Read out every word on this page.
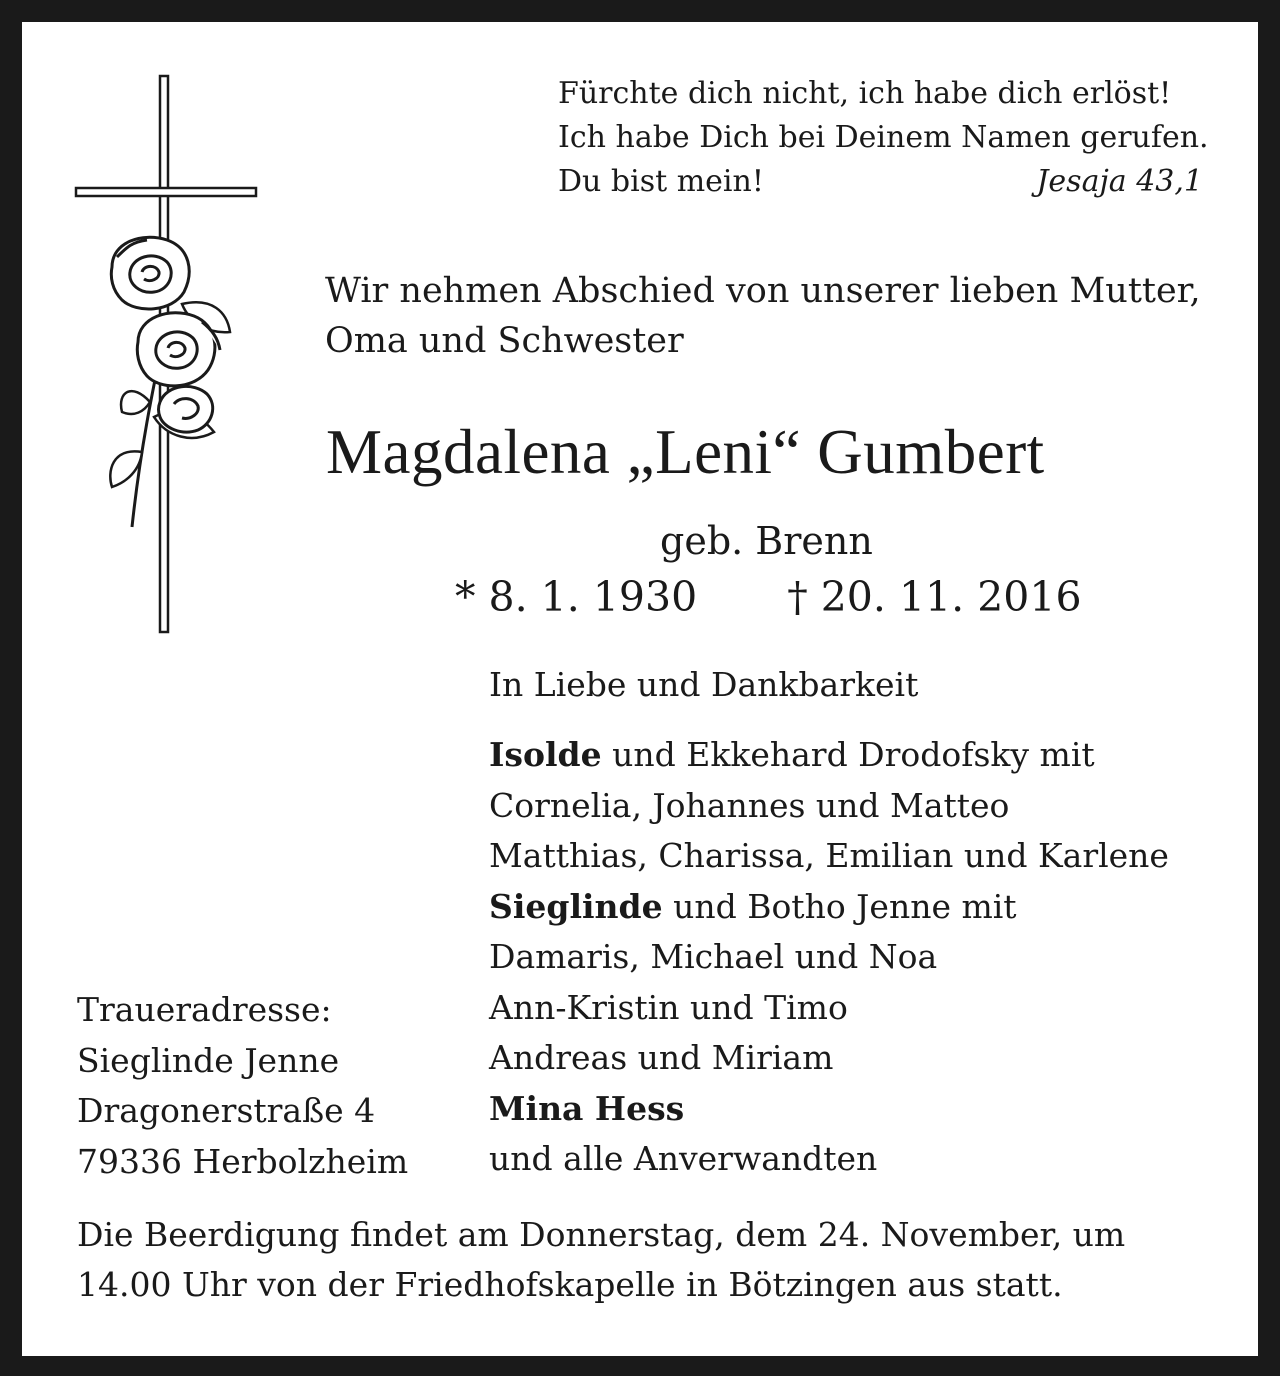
Fürchte dich nicht, ich habe dich erlöst!
Ich habe Dich bei Deinem Namen gerufen.
Du bist mein!	Jesaja 43,1
Wir nehmen Abschied von unserer lieben Mutter,
Oma und Schwester
Magdalena „Leni“ Gumbert
geb. Brenn
* 8. 1. 1930 † 20. 11. 2016
In Liebe und Dankbarkeit
Isolde und Ekkehard Drodofsky mit
Cornelia, Johannes und Matteo
Matthias, Charissa, Emilian und Karlene
Sieglinde und Botho Jenne mit
Damaris, Michael und Noa
Ann-Kristin und Timo
Andreas und Miriam
Mina Hess
und alle Anverwandten
Traueradresse:
Sieglinde Jenne
Dragonerstraße 4
79336 Herbolzheim
Die Beerdigung findet am Donnerstag, dem 24. November, um
14.00 Uhr von der Friedhofskapelle in Bötzingen aus statt.
